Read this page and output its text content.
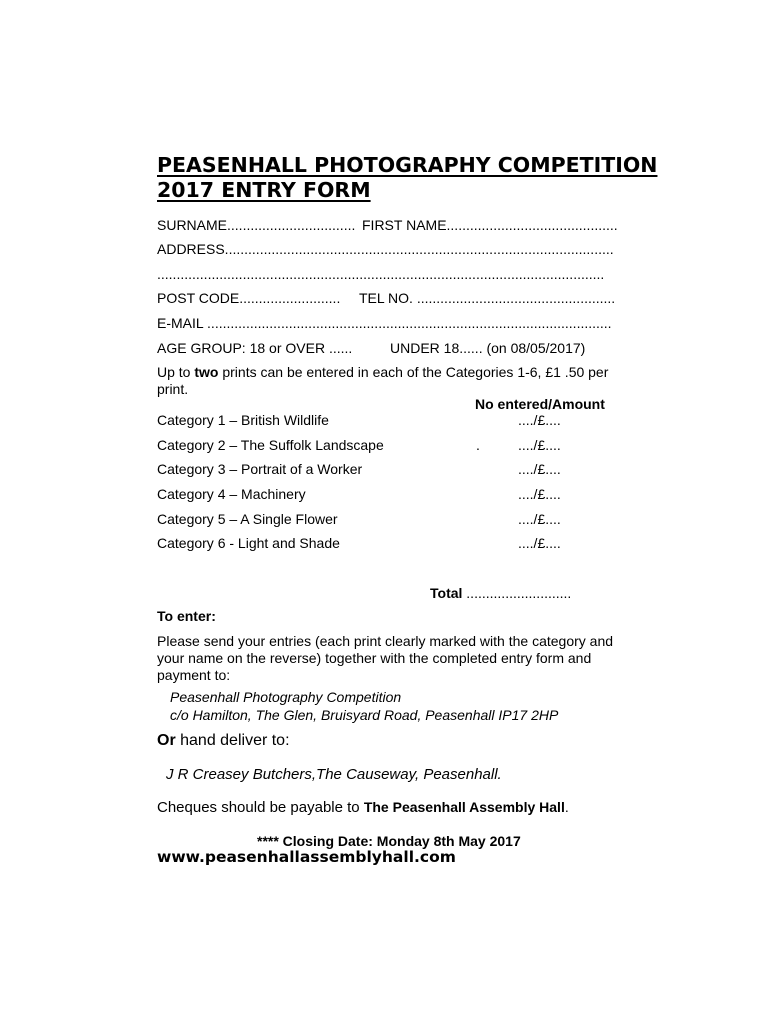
PEASENHALL PHOTOGRAPHY COMPETITION
2017 ENTRY FORM
SURNAME................................. FIRST NAME............................................
ADDRESS....................................................................................................
...................................................................................................................
POST CODE.......................... TEL NO. ...................................................
E-MAIL ........................................................................................................
AGE GROUP: 18 or OVER ......	UNDER 18...... (on 08/05/2017)
Up to two prints can be entered in each of the Categories 1-6, £1 .50 per print.
No entered/Amount
Category 1 – British Wildlife	..../£....
Category 2 – The Suffolk Landscape	.	..../£....
Category 3 – Portrait of a Worker	..../£....
Category 4 – Machinery	..../£....
Category 5 – A Single Flower	..../£....
Category 6 - Light and Shade	..../£....
Total ...........................
To enter:
Please send your entries (each print clearly marked with the category and your name on the reverse) together with the completed entry form and payment to:
Peasenhall Photography Competition
c/o Hamilton, The Glen, Bruisyard Road, Peasenhall IP17 2HP
Or hand deliver to:
J R Creasey Butchers,The Causeway, Peasenhall.
Cheques should be payable to The Peasenhall Assembly Hall.
**** Closing Date: Monday 8th May 2017
www.peasenhallassemblyhall.com
